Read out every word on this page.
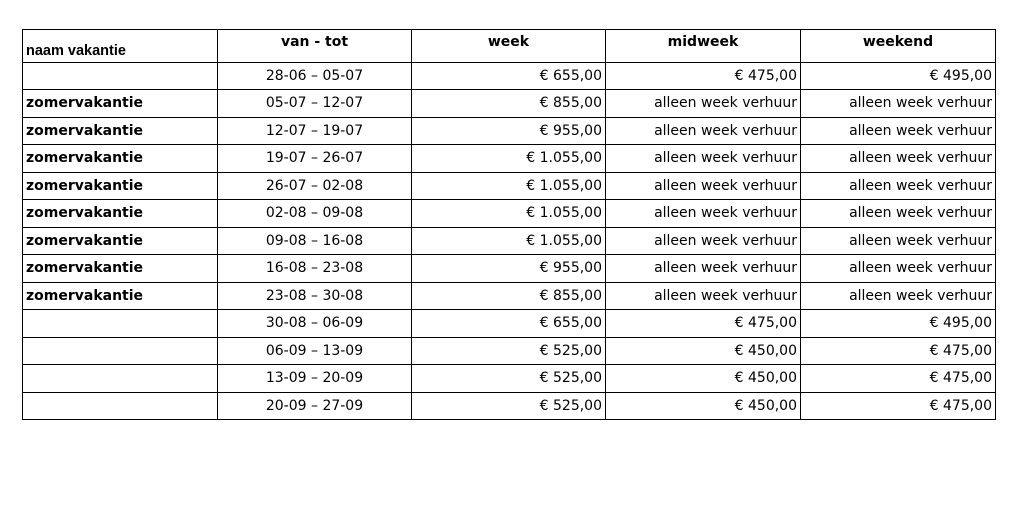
naam vakantie	van - tot	week	midweek	weekend
	28-06 – 05-07	€ 655,00	€ 475,00	€ 495,00
zomervakantie	05-07 – 12-07	€ 855,00	alleen week verhuur	alleen week verhuur
zomervakantie	12-07 – 19-07	€ 955,00	alleen week verhuur	alleen week verhuur
zomervakantie	19-07 – 26-07	€ 1.055,00	alleen week verhuur	alleen week verhuur
zomervakantie	26-07 – 02-08	€ 1.055,00	alleen week verhuur	alleen week verhuur
zomervakantie	02-08 – 09-08	€ 1.055,00	alleen week verhuur	alleen week verhuur
zomervakantie	09-08 – 16-08	€ 1.055,00	alleen week verhuur	alleen week verhuur
zomervakantie	16-08 – 23-08	€ 955,00	alleen week verhuur	alleen week verhuur
zomervakantie	23-08 – 30-08	€ 855,00	alleen week verhuur	alleen week verhuur
	30-08 – 06-09	€ 655,00	€ 475,00	€ 495,00
	06-09 – 13-09	€ 525,00	€ 450,00	€ 475,00
	13-09 – 20-09	€ 525,00	€ 450,00	€ 475,00
	20-09 – 27-09	€ 525,00	€ 450,00	€ 475,00
